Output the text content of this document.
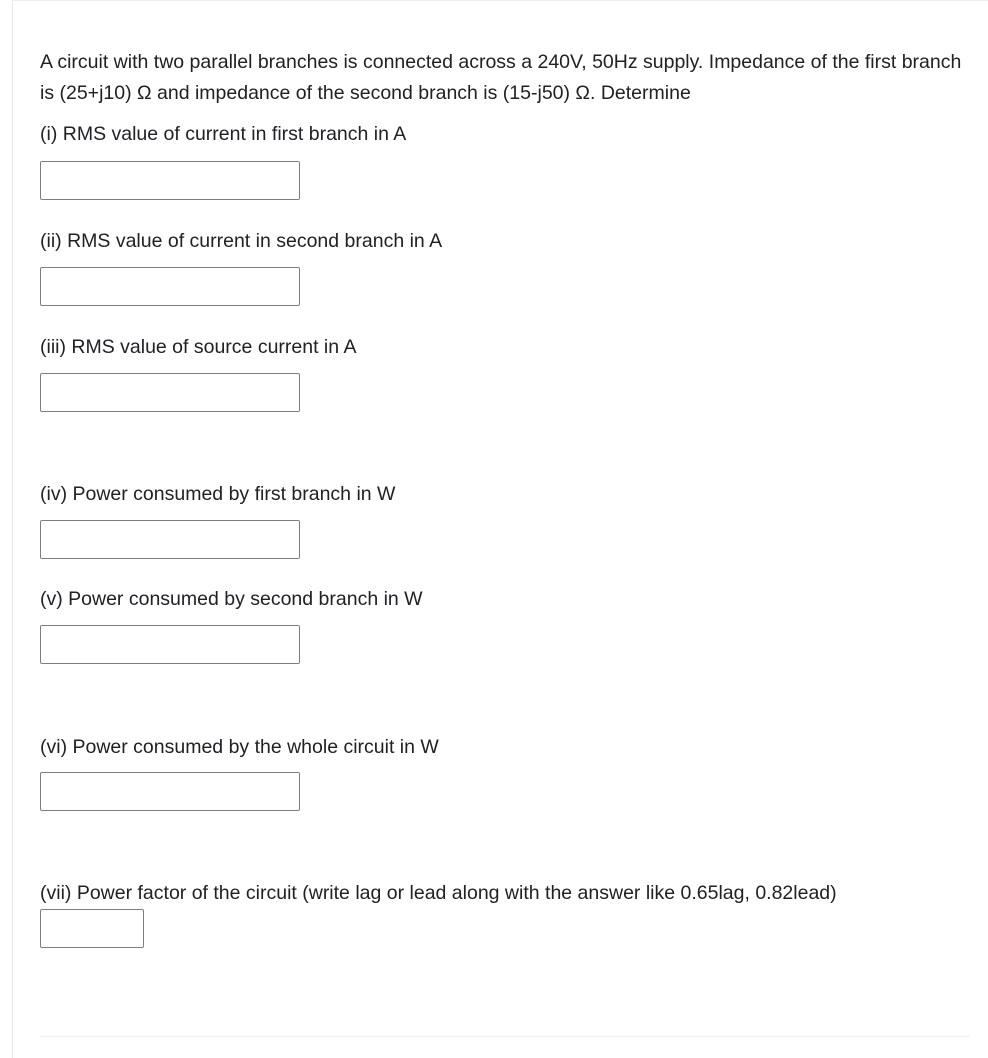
A circuit with two parallel branches is connected across a 240V, 50Hz supply. Impedance of the first branch is (25+j10) Ω and impedance of the second branch is (15-j50) Ω. Determine

(i) RMS value of current in first branch in A

(ii) RMS value of current in second branch in A

(iii) RMS value of source current in A

(iv) Power consumed by first branch in W

(v) Power consumed by second branch in W

(vi) Power consumed by the whole circuit in W

(vii) Power factor of the circuit (write lag or lead along with the answer like 0.65lag, 0.82lead)
